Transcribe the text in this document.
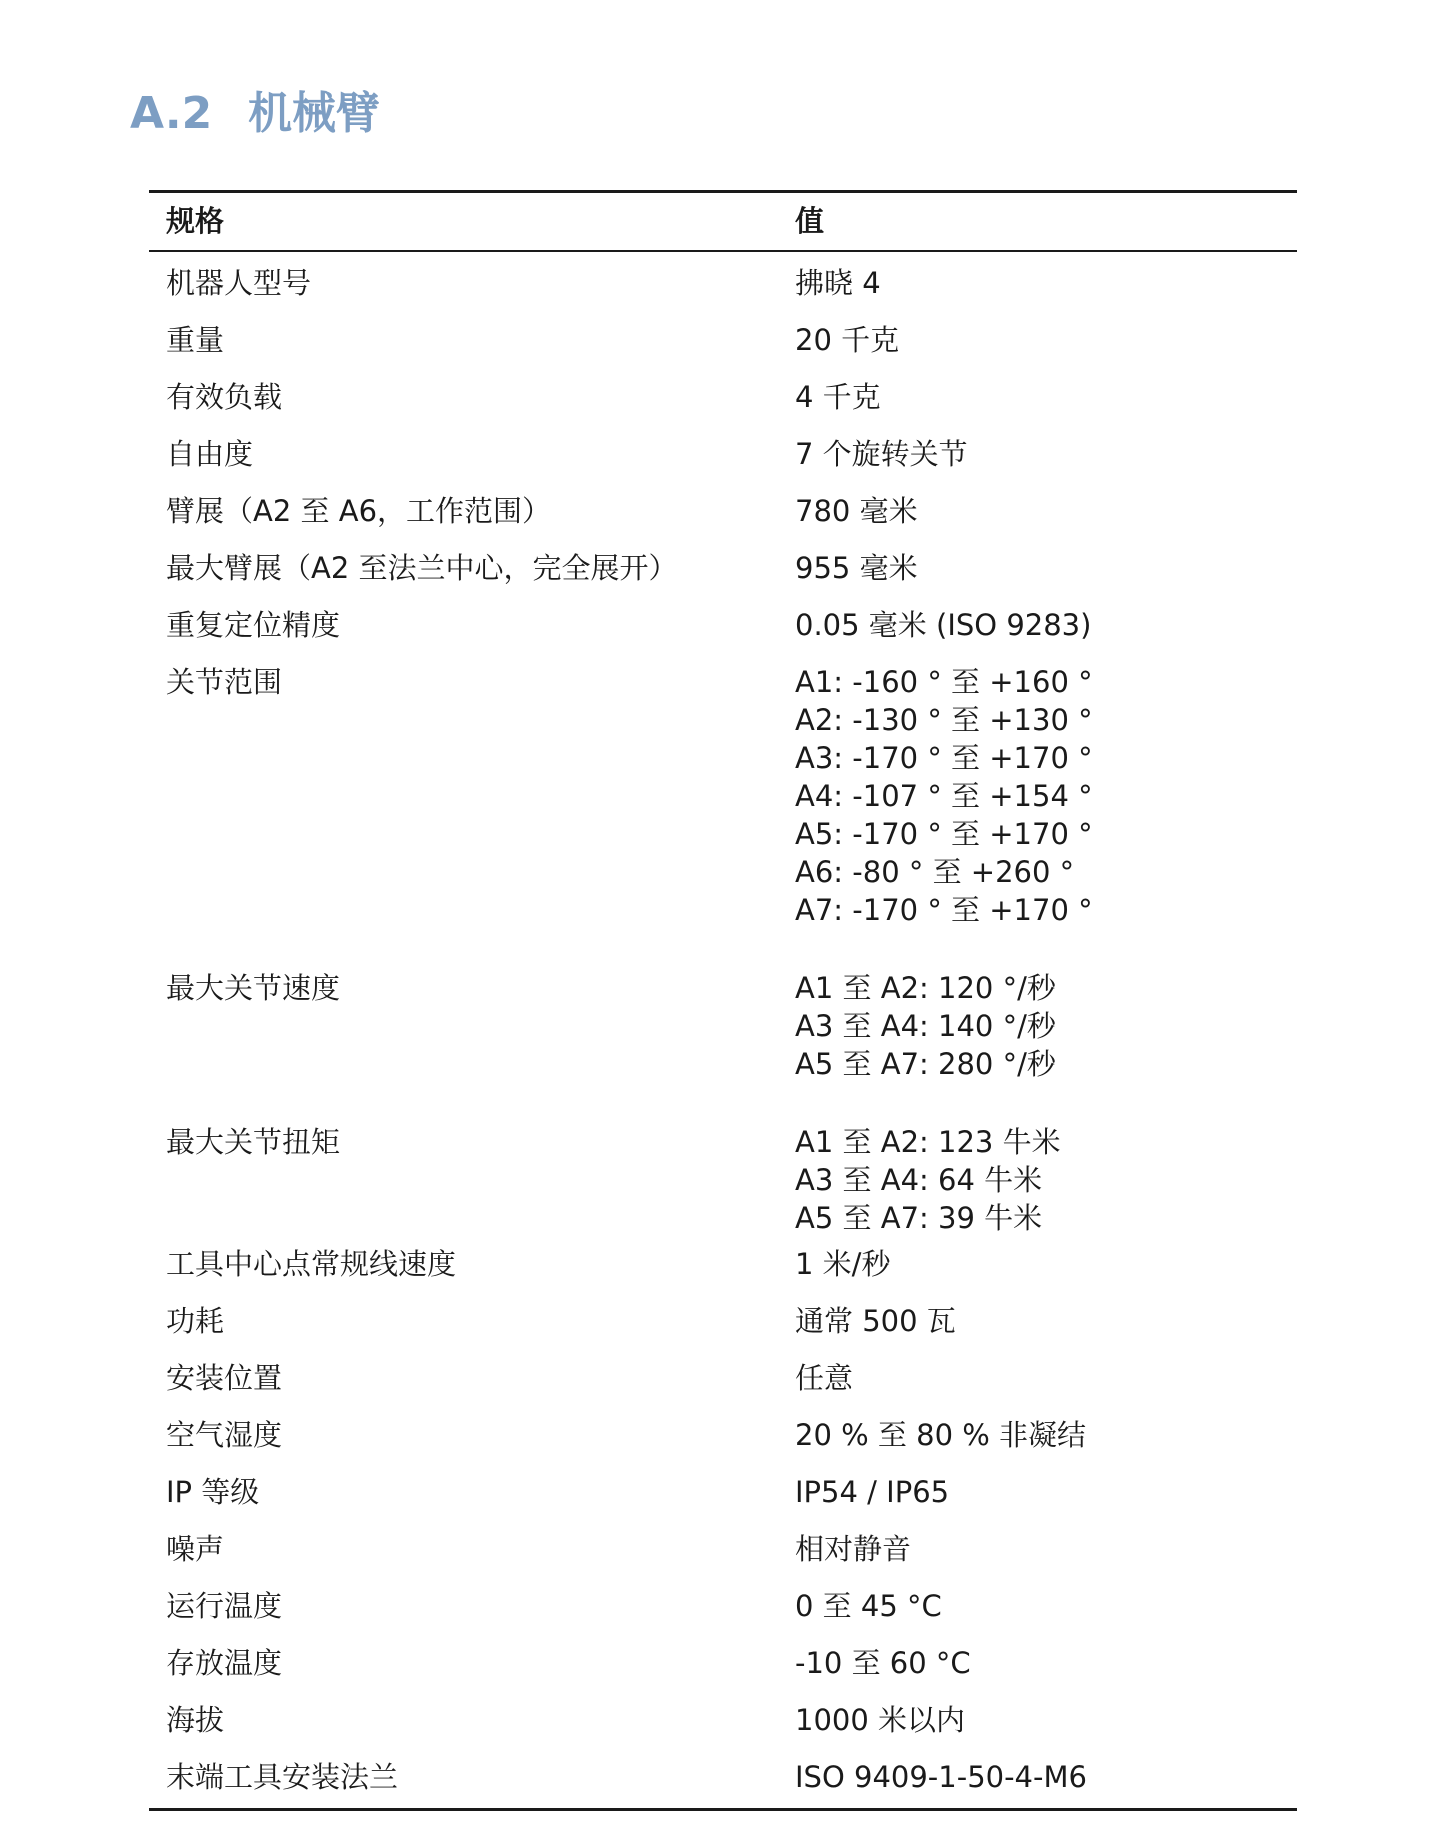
A.2 机械臂
规格	值
机器人型号	拂晓 4
重量	20 千克
有效负载	4 千克
自由度	7 个旋转关节
臂展（A2 至 A6，工作范围）	780 毫米
最大臂展（A2 至法兰中心，完全展开）	955 毫米
重复定位精度	0.05 毫米 (ISO 9283)
关节范围	A1: -160 ° 至 +160 °
A2: -130 ° 至 +130 °
A3: -170 ° 至 +170 °
A4: -107 ° 至 +154 °
A5: -170 ° 至 +170 °
A6: -80 ° 至 +260 °
A7: -170 ° 至 +170 °
最大关节速度	A1 至 A2: 120 °/秒
A3 至 A4: 140 °/秒
A5 至 A7: 280 °/秒
最大关节扭矩	A1 至 A2: 123 牛米
A3 至 A4: 64 牛米
A5 至 A7: 39 牛米
工具中心点常规线速度	1 米/秒
功耗	通常 500 瓦
安装位置	任意
空气湿度	20 % 至 80 % 非凝结
IP 等级	IP54 / IP65
噪声	相对静音
运行温度	0 至 45 °C
存放温度	-10 至 60 °C
海拔	1000 米以内
末端工具安装法兰	ISO 9409-1-50-4-M6
